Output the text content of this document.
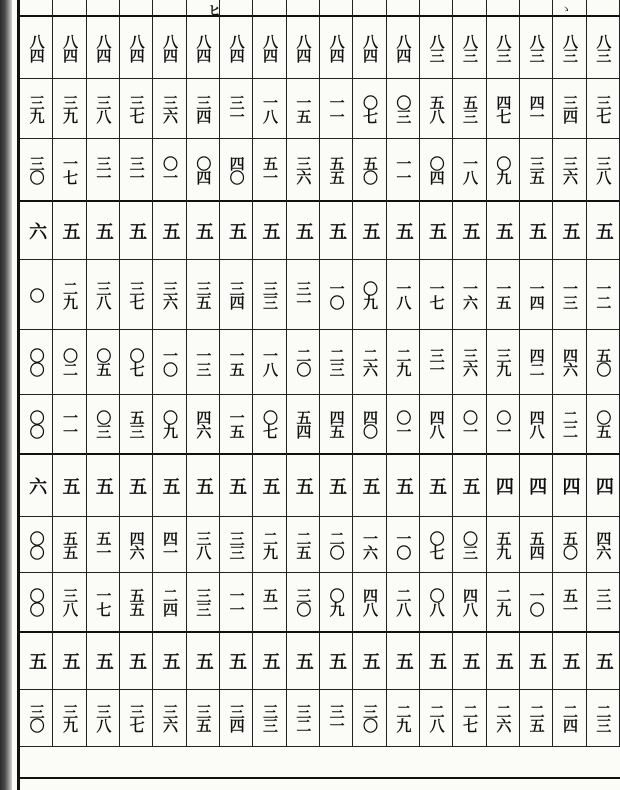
ヒ	ゝ
八四 八四 八四 八四 八四 八四 八四 八四 八四 八四 八四 八四 八三 八三 八三 八三 八三 八三
三九 三九 三八 三七 三六 三四 三一 一八 一五 一一 〇七 〇三 五八 五三 四七 四一 三四 三七
三〇 一七 三一 三一 〇一 〇四 四〇 五一 三六 五五 五〇 一一 〇四 一八 〇九 三五 三六 三八
六 五 五 五 五 五 五 五 五 五 五 五 五 五 五 五 五 五
〇 二九 三八 三七 三六 三五 三四 三三 三一 一〇 〇九 一八 一七 一六 一五 一四 一三 一二
〇〇 〇二 〇五 〇七 一〇 一三 一五 一八 二〇 二三 二六 二九 三一 三六 三九 四二 四六 五〇
〇〇 一一 〇三 五三 〇九 四六 一五 〇七 五四 四五 四〇 〇一 四八 〇一 〇一 四八 二二 〇五
六 五 五 五 五 五 五 五 五 五 五 五 五 五 四 四 四 四
〇〇 五五 五一 四六 四一 三八 三三 二九 二五 二〇 一六 一〇 〇七 〇三 五九 五四 五〇 四六
〇〇 三八 一七 五五 二四 三三 一一 五一 三〇 〇九 四八 二八 〇八 四八 二九 一〇 五一 三一
五 五 五 五 五 五 五 五 五 五 五 五 五 五 五 五 五 五
三〇 三九 三八 三七 三六 三五 三四 三三 三二 三一 三〇 二九 二八 二七 二六 二五 二四 二三
